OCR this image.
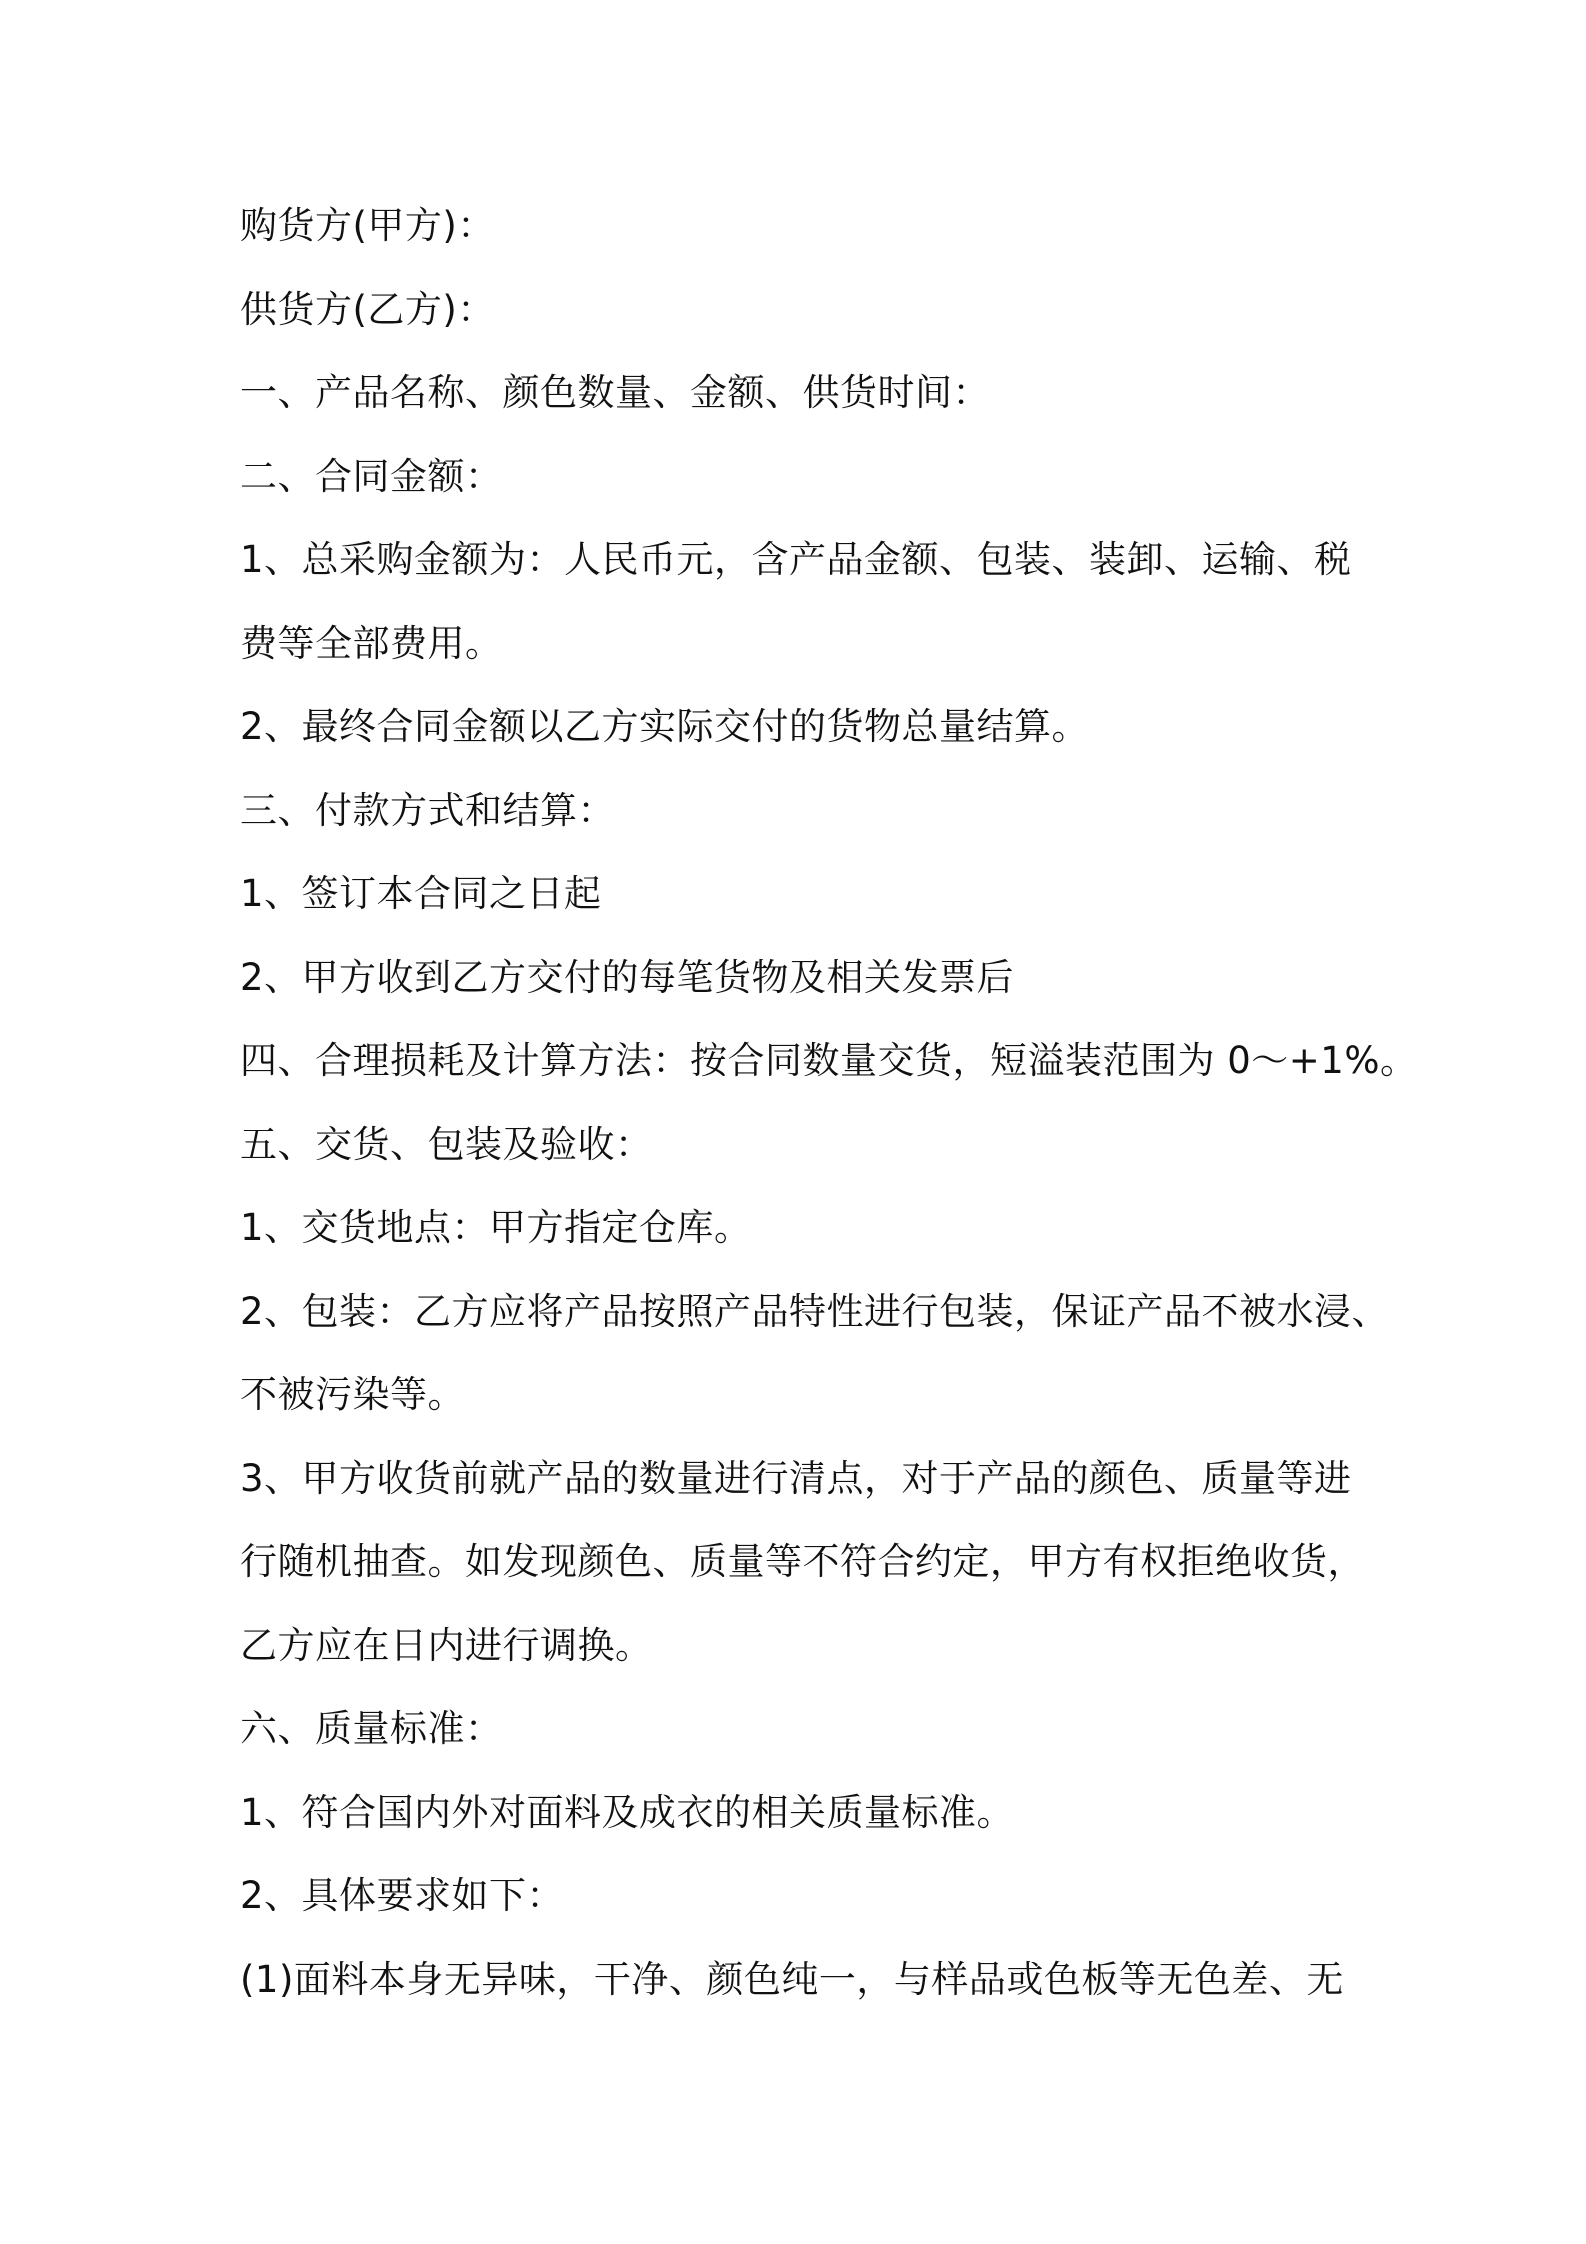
购货方(甲方)：
供货方(乙方)：
一、产品名称、颜色数量、金额、供货时间：
二、合同金额：
1、总采购金额为：人民币元，含产品金额、包装、装卸、运输、税
费等全部费用。
2、最终合同金额以乙方实际交付的货物总量结算。
三、付款方式和结算：
1、签订本合同之日起
2、甲方收到乙方交付的每笔货物及相关发票后
四、合理损耗及计算方法：按合同数量交货，短溢装范围为 0～+1%。
五、交货、包装及验收：
1、交货地点：甲方指定仓库。
2、包装：乙方应将产品按照产品特性进行包装，保证产品不被水浸、
不被污染等。
3、甲方收货前就产品的数量进行清点，对于产品的颜色、质量等进
行随机抽查。如发现颜色、质量等不符合约定，甲方有权拒绝收货，
乙方应在日内进行调换。
六、质量标准：
1、符合国内外对面料及成衣的相关质量标准。
2、具体要求如下：
(1)面料本身无异味，干净、颜色纯一，与样品或色板等无色差、无
